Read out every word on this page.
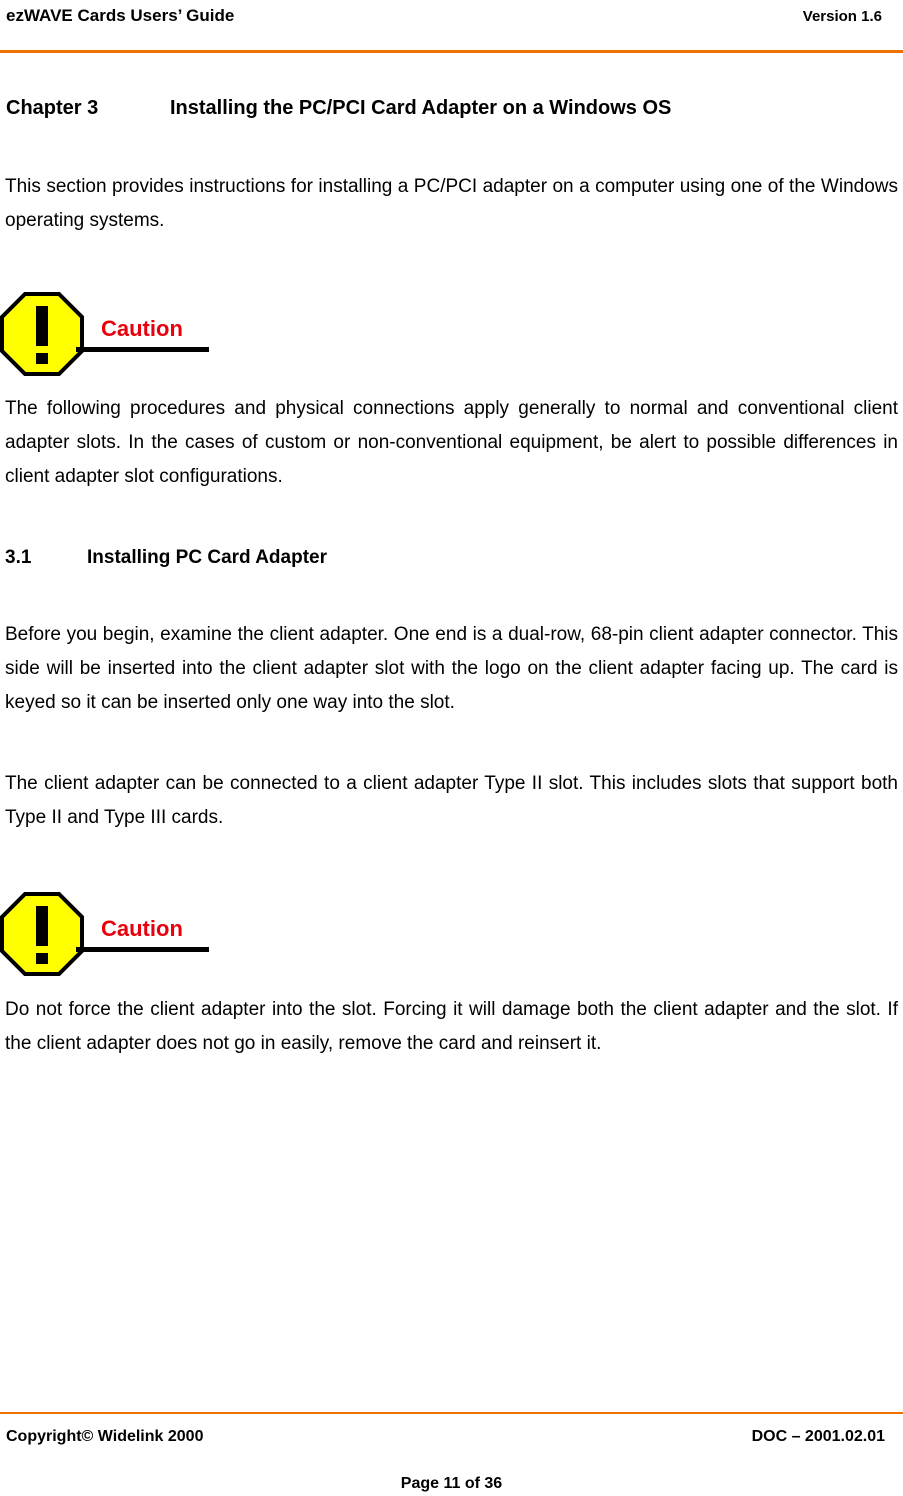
ezWAVE Cards Users’ Guide	Version 1.6
Chapter 3	Installing the PC/PCI Card Adapter on a Windows OS

This section provides instructions for installing a PC/PCI adapter on a computer using one of the Windows operating systems.

Caution

The following procedures and physical connections apply generally to normal and conventional client adapter slots. In the cases of custom or non-conventional equipment, be alert to possible differences in client adapter slot configurations.

3.1	Installing PC Card Adapter

Before you begin, examine the client adapter. One end is a dual-row, 68-pin client adapter connector. This side will be inserted into the client adapter slot with the logo on the client adapter facing up. The card is keyed so it can be inserted only one way into the slot.

The client adapter can be connected to a client adapter Type II slot. This includes slots that support both Type II and Type III cards.

Caution

Do not force the client adapter into the slot. Forcing it will damage both the client adapter and the slot. If the client adapter does not go in easily, remove the card and reinsert it.

Copyright© Widelink 2000	DOC – 2001.02.01
Page 11 of 36
